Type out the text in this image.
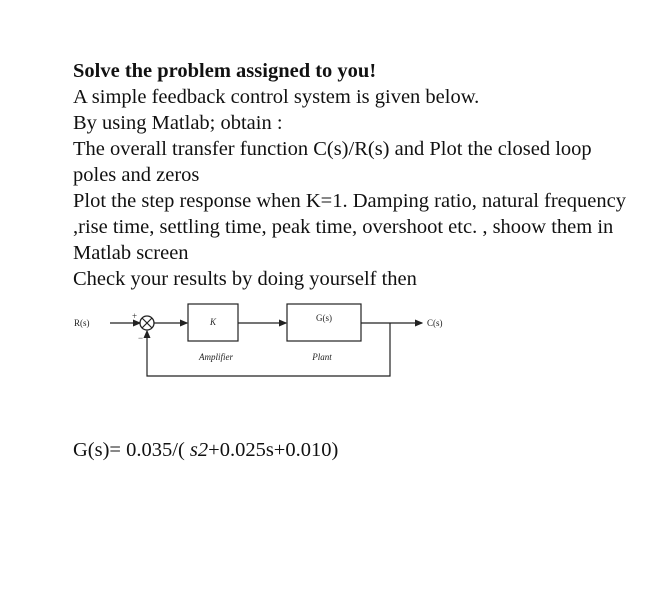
Solve the problem assigned to you!

A simple feedback control system is given below.

By using Matlab; obtain :

The overall transfer function C(s)/R(s) and Plot the closed loop poles and zeros

Plot the step response when K=1. Damping ratio, natural frequency ,rise time, settling time, peak time, overshoot etc. , shoow them in Matlab screen

Check your results by doing yourself then

R(s)
+
−
K
Amplifier
G(s)
Plant
C(s)
G(s)= 0.035/( s2+0.025s+0.010)
